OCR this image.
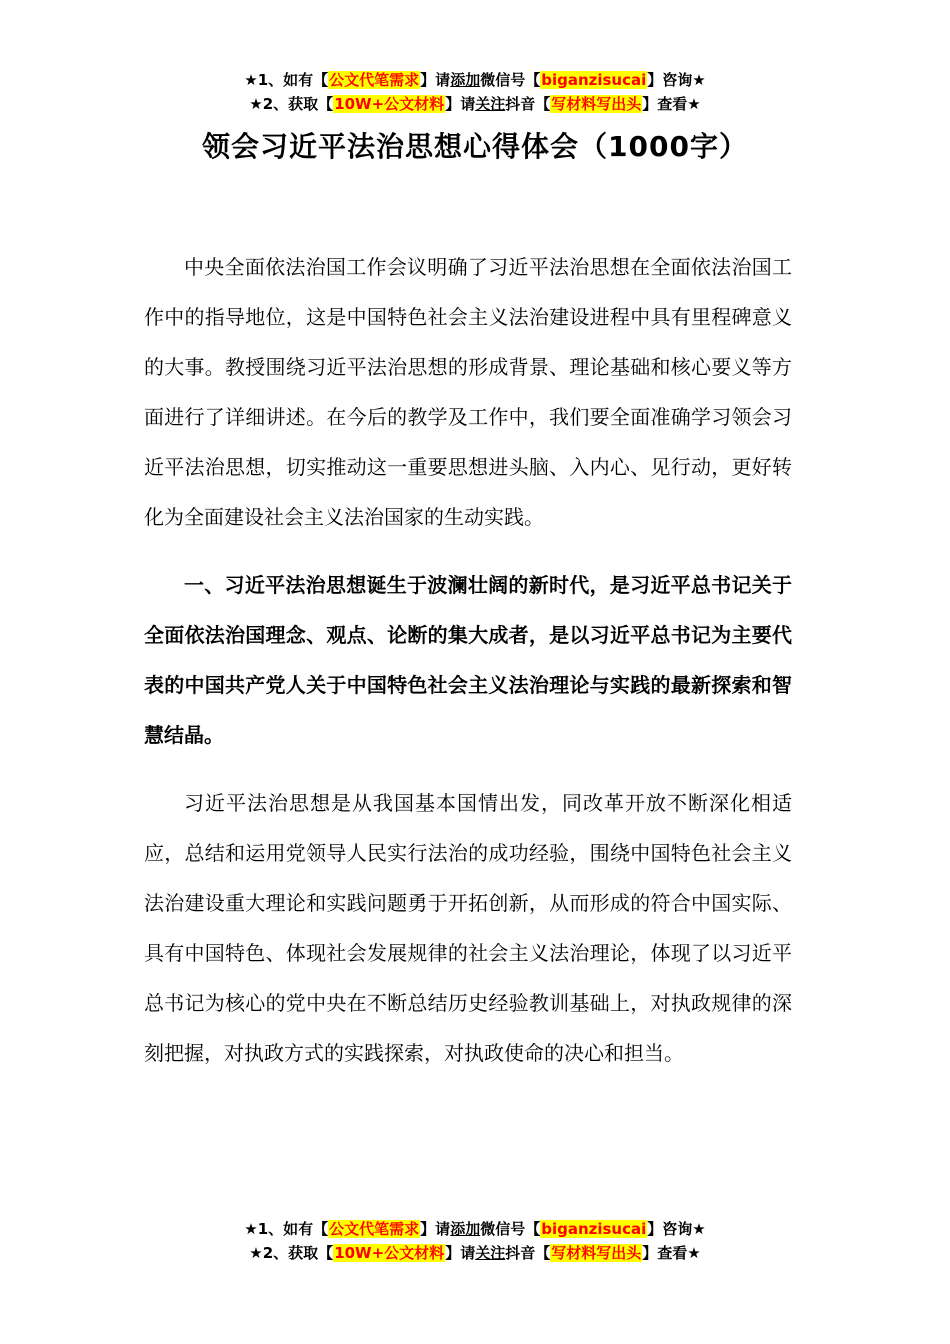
★1、如有【公文代笔需求】请添加微信号【biganzisucai】咨询★
★2、获取【10W+公文材料】请关注抖音【写材料写出头】查看★
领会习近平法治思想心得体会（1000字）

中央全面依法治国工作会议明确了习近平法治思想在全面依法治国工作中的指导地位，这是中国特色社会主义法治建设进程中具有里程碑意义的大事。教授围绕习近平法治思想的形成背景、理论基础和核心要义等方面进行了详细讲述。在今后的教学及工作中，我们要全面准确学习领会习近平法治思想，切实推动这一重要思想进头脑、入内心、见行动，更好转化为全面建设社会主义法治国家的生动实践。

一、习近平法治思想诞生于波澜壮阔的新时代，是习近平总书记关于全面依法治国理念、观点、论断的集大成者，是以习近平总书记为主要代表的中国共产党人关于中国特色社会主义法治理论与实践的最新探索和智慧结晶。

习近平法治思想是从我国基本国情出发，同改革开放不断深化相适应，总结和运用党领导人民实行法治的成功经验，围绕中国特色社会主义法治建设重大理论和实践问题勇于开拓创新，从而形成的符合中国实际、具有中国特色、体现社会发展规律的社会主义法治理论，体现了以习近平总书记为核心的党中央在不断总结历史经验教训基础上，对执政规律的深刻把握，对执政方式的实践探索，对执政使命的决心和担当。

★1、如有【公文代笔需求】请添加微信号【biganzisucai】咨询★
★2、获取【10W+公文材料】请关注抖音【写材料写出头】查看★
